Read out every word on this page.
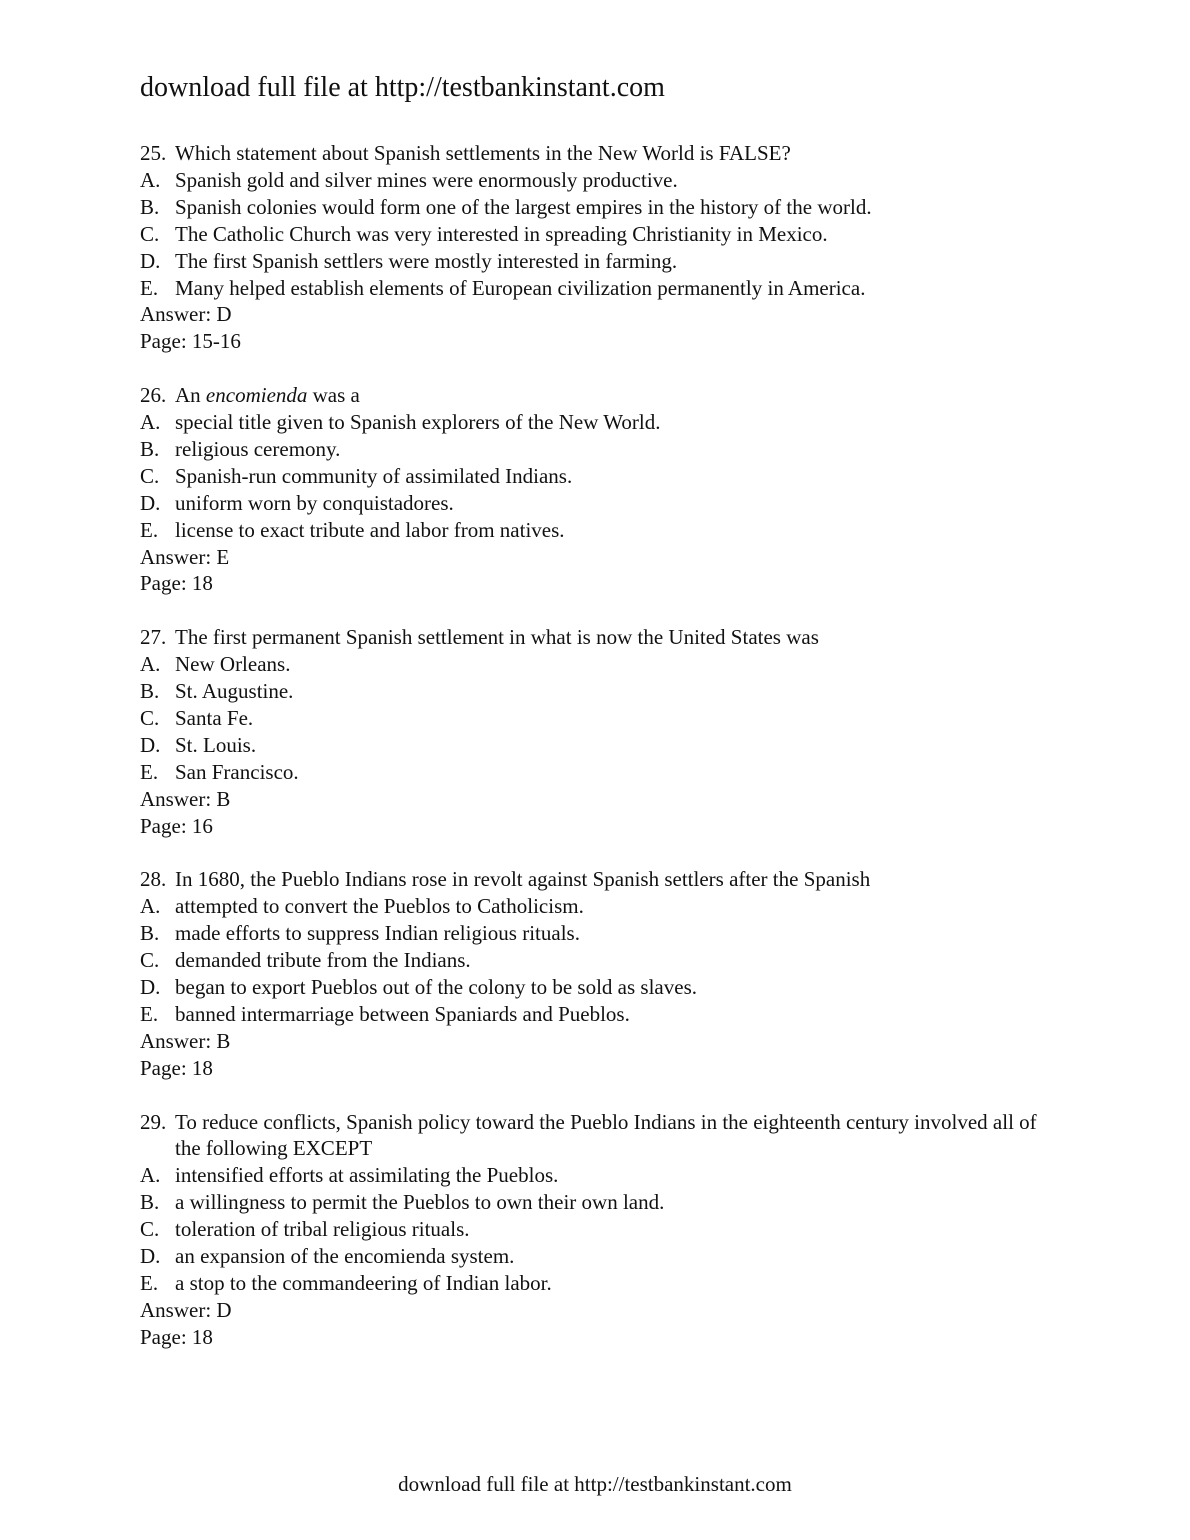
download full file at http://testbankinstant.com
25. Which statement about Spanish settlements in the New World is FALSE?
A. Spanish gold and silver mines were enormously productive.
B. Spanish colonies would form one of the largest empires in the history of the world.
C. The Catholic Church was very interested in spreading Christianity in Mexico.
D. The first Spanish settlers were mostly interested in farming.
E. Many helped establish elements of European civilization permanently in America.
Answer: D
Page: 15-16
26. An encomienda was a
A. special title given to Spanish explorers of the New World.
B. religious ceremony.
C. Spanish-run community of assimilated Indians.
D. uniform worn by conquistadores.
E. license to exact tribute and labor from natives.
Answer: E
Page: 18
27. The first permanent Spanish settlement in what is now the United States was
A. New Orleans.
B. St. Augustine.
C. Santa Fe.
D. St. Louis.
E. San Francisco.
Answer: B
Page: 16
28. In 1680, the Pueblo Indians rose in revolt against Spanish settlers after the Spanish
A. attempted to convert the Pueblos to Catholicism.
B. made efforts to suppress Indian religious rituals.
C. demanded tribute from the Indians.
D. began to export Pueblos out of the colony to be sold as slaves.
E. banned intermarriage between Spaniards and Pueblos.
Answer: B
Page: 18
29. To reduce conflicts, Spanish policy toward the Pueblo Indians in the eighteenth century involved all of the following EXCEPT
A. intensified efforts at assimilating the Pueblos.
B. a willingness to permit the Pueblos to own their own land.
C. toleration of tribal religious rituals.
D. an expansion of the encomienda system.
E. a stop to the commandeering of Indian labor.
Answer: D
Page: 18
download full file at http://testbankinstant.com
